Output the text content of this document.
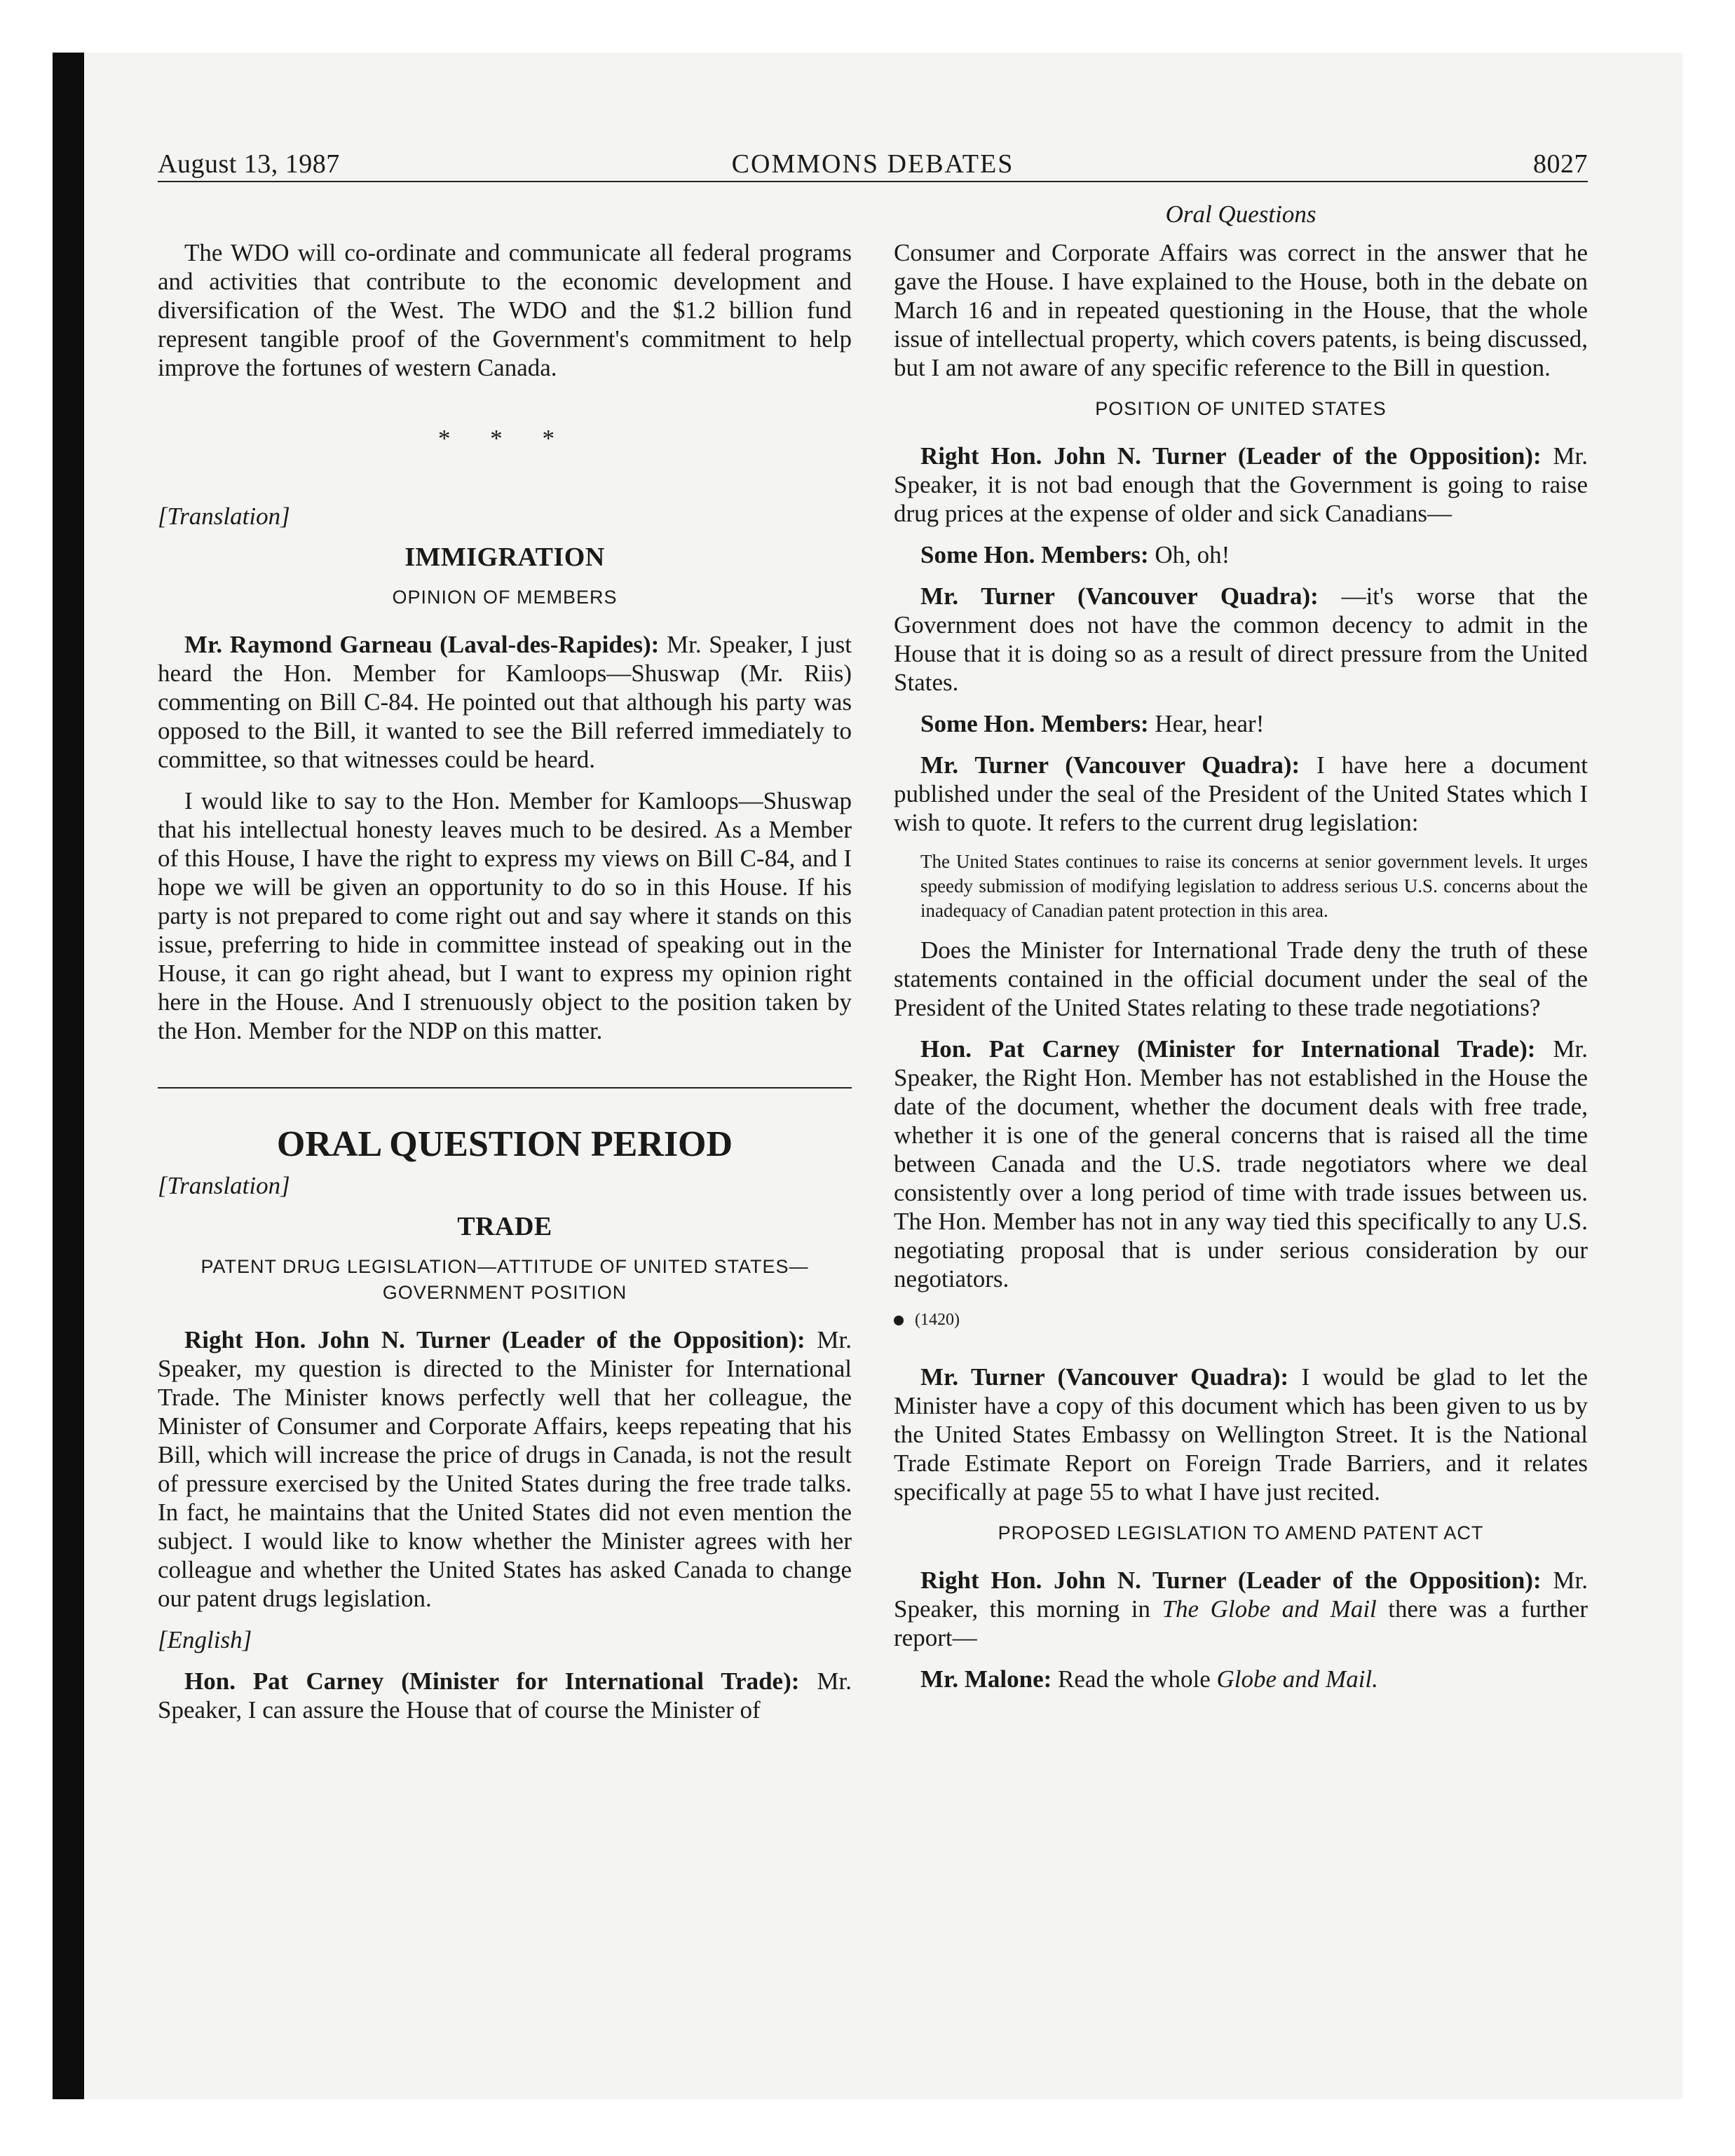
August 13, 1987	COMMONS DEBATES	8027

The WDO will co-ordinate and communicate all federal programs and activities that contribute to the economic development and diversification of the West. The WDO and the $1.2 billion fund represent tangible proof of the Government's commitment to help improve the fortunes of western Canada.

* * *

[Translation]

IMMIGRATION
OPINION OF MEMBERS

Mr. Raymond Garneau (Laval-des-Rapides): Mr. Speaker, I just heard the Hon. Member for Kamloops—Shuswap (Mr. Riis) commenting on Bill C-84. He pointed out that although his party was opposed to the Bill, it wanted to see the Bill referred immediately to committee, so that witnesses could be heard.

I would like to say to the Hon. Member for Kamloops—Shuswap that his intellectual honesty leaves much to be desired. As a Member of this House, I have the right to express my views on Bill C-84, and I hope we will be given an opportunity to do so in this House. If his party is not prepared to come right out and say where it stands on this issue, preferring to hide in committee instead of speaking out in the House, it can go right ahead, but I want to express my opinion right here in the House. And I strenuously object to the position taken by the Hon. Member for the NDP on this matter.

ORAL QUESTION PERIOD

[Translation]

TRADE
PATENT DRUG LEGISLATION—ATTITUDE OF UNITED STATES—
GOVERNMENT POSITION

Right Hon. John N. Turner (Leader of the Opposition): Mr. Speaker, my question is directed to the Minister for International Trade. The Minister knows perfectly well that her colleague, the Minister of Consumer and Corporate Affairs, keeps repeating that his Bill, which will increase the price of drugs in Canada, is not the result of pressure exercised by the United States during the free trade talks. In fact, he maintains that the United States did not even mention the subject. I would like to know whether the Minister agrees with her colleague and whether the United States has asked Canada to change our patent drugs legislation.

[English]

Hon. Pat Carney (Minister for International Trade): Mr. Speaker, I can assure the House that of course the Minister of

Oral Questions

Consumer and Corporate Affairs was correct in the answer that he gave the House. I have explained to the House, both in the debate on March 16 and in repeated questioning in the House, that the whole issue of intellectual property, which covers patents, is being discussed, but I am not aware of any specific reference to the Bill in question.

POSITION OF UNITED STATES

Right Hon. John N. Turner (Leader of the Opposition): Mr. Speaker, it is not bad enough that the Government is going to raise drug prices at the expense of older and sick Canadians—

Some Hon. Members: Oh, oh!

Mr. Turner (Vancouver Quadra): —it's worse that the Government does not have the common decency to admit in the House that it is doing so as a result of direct pressure from the United States.

Some Hon. Members: Hear, hear!

Mr. Turner (Vancouver Quadra): I have here a document published under the seal of the President of the United States which I wish to quote. It refers to the current drug legislation:

The United States continues to raise its concerns at senior government levels. It urges speedy submission of modifying legislation to address serious U.S. concerns about the inadequacy of Canadian patent protection in this area.

Does the Minister for International Trade deny the truth of these statements contained in the official document under the seal of the President of the United States relating to these trade negotiations?

Hon. Pat Carney (Minister for International Trade): Mr. Speaker, the Right Hon. Member has not established in the House the date of the document, whether the document deals with free trade, whether it is one of the general concerns that is raised all the time between Canada and the U.S. trade negotiators where we deal consistently over a long period of time with trade issues between us. The Hon. Member has not in any way tied this specifically to any U.S. negotiating proposal that is under serious consideration by our negotiators.

(1420)

Mr. Turner (Vancouver Quadra): I would be glad to let the Minister have a copy of this document which has been given to us by the United States Embassy on Wellington Street. It is the National Trade Estimate Report on Foreign Trade Barriers, and it relates specifically at page 55 to what I have just recited.

PROPOSED LEGISLATION TO AMEND PATENT ACT

Right Hon. John N. Turner (Leader of the Opposition): Mr. Speaker, this morning in The Globe and Mail there was a further report—

Mr. Malone: Read the whole Globe and Mail.
